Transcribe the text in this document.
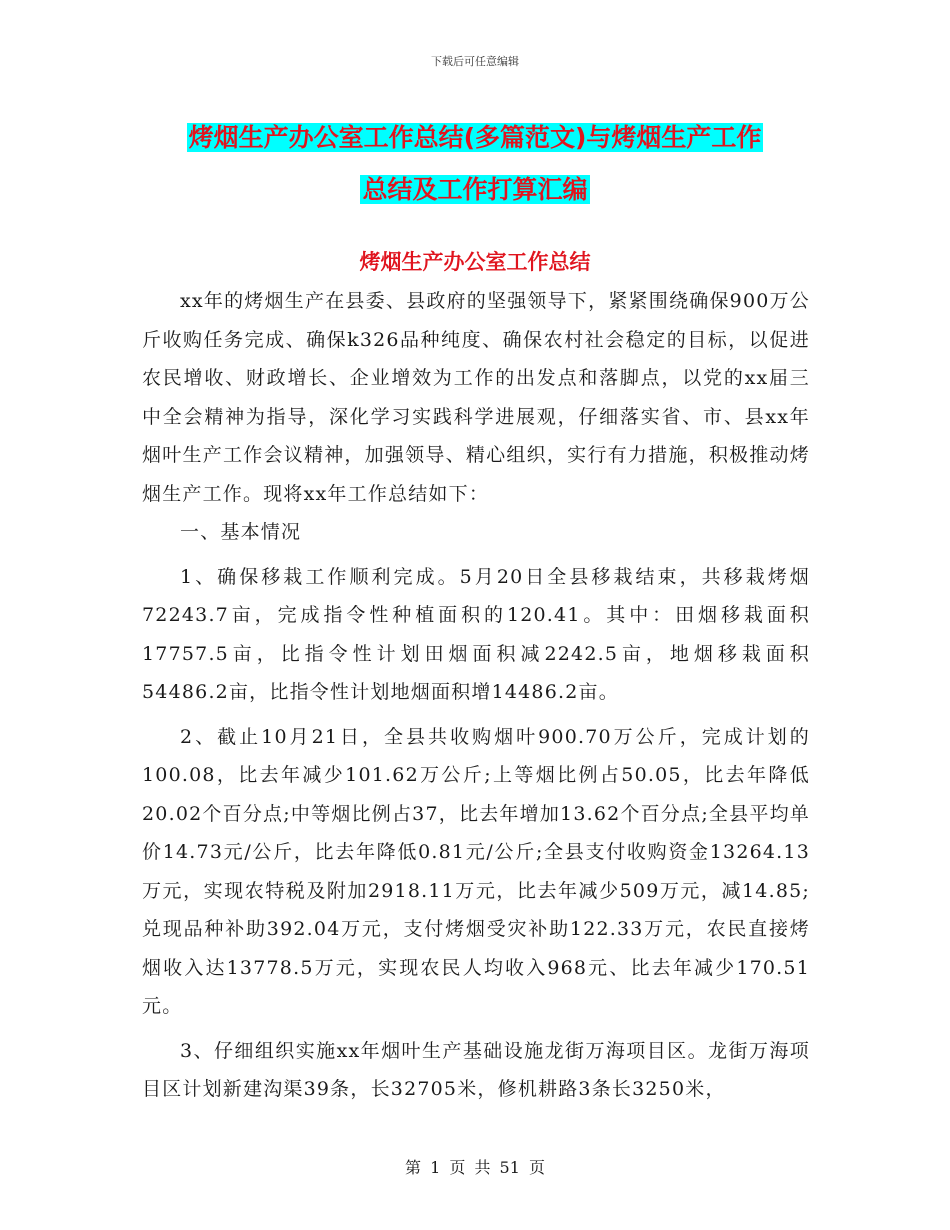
下载后可任意编辑
烤烟生产办公室工作总结(多篇范文)与烤烟生产工作
总结及工作打算汇编
烤烟生产办公室工作总结

xx年的烤烟生产在县委、县政府的坚强领导下，紧紧围绕确保900万公斤收购任务完成、确保k326品种纯度、确保农村社会稳定的目标，以促进农民增收、财政增长、企业增效为工作的出发点和落脚点，以党的xx届三中全会精神为指导，深化学习实践科学进展观，仔细落实省、市、县xx年烟叶生产工作会议精神，加强领导、精心组织，实行有力措施，积极推动烤烟生产工作。现将xx年工作总结如下：

一、基本情况

1、确保移栽工作顺利完成。5月20日全县移栽结束，共移栽烤烟72243.7亩，完成指令性种植面积的120.41。其中：田烟移栽面积17757.5亩，比指令性计划田烟面积减2242.5亩，地烟移栽面积54486.2亩，比指令性计划地烟面积增14486.2亩。

2、截止10月21日，全县共收购烟叶900.70万公斤，完成计划的100.08，比去年减少101.62万公斤;上等烟比例占50.05，比去年降低20.02个百分点;中等烟比例占37，比去年增加13.62个百分点;全县平均单价14.73元/公斤，比去年降低0.81元/公斤;全县支付收购资金13264.13万元，实现农特税及附加2918.11万元，比去年减少509万元，减14.85;兑现品种补助392.04万元，支付烤烟受灾补助122.33万元，农民直接烤烟收入达13778.5万元，实现农民人均收入968元、比去年减少170.51元。

3、仔细组织实施xx年烟叶生产基础设施龙街万海项目区。龙街万海项目区计划新建沟渠39条，长32705米，修机耕路3条长3250米，

第 1 页 共 51 页
